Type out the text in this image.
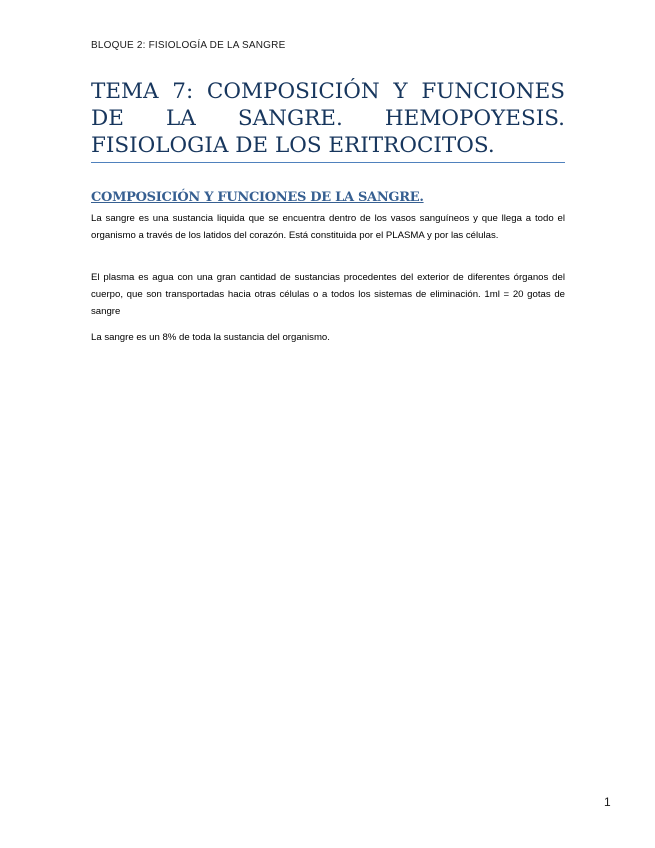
BLOQUE 2: FISIOLOGÍA DE LA SANGRE
TEMA 7: COMPOSICIÓN Y FUNCIONES DE LA SANGRE. HEMOPOYESIS. FISIOLOGIA DE LOS ERITROCITOS.
COMPOSICIÓN Y FUNCIONES DE LA SANGRE.

La sangre es una sustancia liquida que se encuentra dentro de los vasos sanguíneos y que llega a todo el organismo a través de los latidos del corazón. Está constituida por el PLASMA y por las células.

El plasma es agua con una gran cantidad de sustancias procedentes del exterior de diferentes órganos del cuerpo, que son transportadas hacia otras células o a todos los sistemas de eliminación. 1ml = 20 gotas de sangre

La sangre es un 8% de toda la sustancia del organismo.

1
